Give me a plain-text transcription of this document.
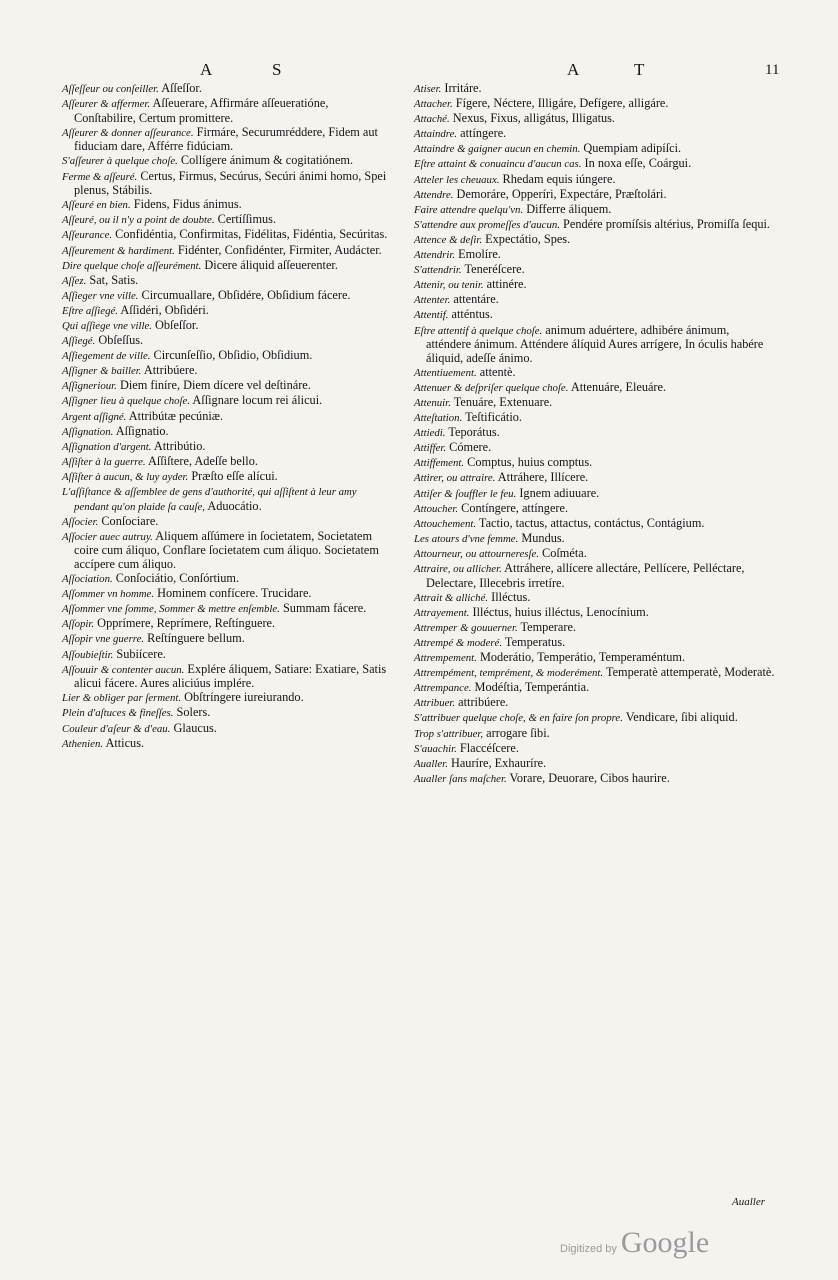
A	S	A	T	11

Aſſeſſeur ou conſeiller. Aſſeſſor.

Aſſeurer & affermer. Aſſeuerare, Affirmáre aſſeueratióne, Conſtabilire, Certum promittere.

Aſſeurer & donner aſſeurance. Firmáre, Securumréddere, Fidem aut fiduciam dare, Afférre fidúciam.

S'aſſeurer à quelque choſe. Collígere ánimum & cogitatiónem.

Ferme & aſſeuré. Certus, Firmus, Secúrus, Secúri ánimi homo, Spei plenus, Stábilis.

Aſſeuré en bien. Fidens, Fidus ánimus.

Aſſeuré, ou il n'y a point de doubte. Certíſſimus.

Aſſeurance. Confidéntia, Confirmitas, Fidélitas, Fidéntia, Secúritas.

Aſſeurement & hardiment. Fidénter, Confidénter, Firmiter, Audácter.

Dire quelque choſe aſſeurément. Dicere áliquid aſſeuerenter.

Aſſez. Sat, Satis.

Aſſieger vne ville. Circumuallare, Obſidére, Obſidium fácere.

Eſtre aſſiegé. Aſſidéri, Obſidéri.

Qui aſſiege vne ville. Obſeſſor.

Aſſiegé. Obſeſſus.

Aſſiegement de ville. Circunſeſſio, Obſidio, Obſidium.

Aſſigner & bailler. Attribúere.

Aſſigneriour. Diem finíre, Diem dícere vel deſtináre.

Aſſigner lieu à quelque choſe. Aſſignare locum rei álicui.

Argent aſſigné. Attribútæ pecúniæ.

Aſſignation. Aſſignatio.

Aſſignation d'argent. Attribútio.

Aſſiſter à la guerre. Aſſiſtere, Adeſſe bello.

Aſſiſter à aucun, & luy ayder. Præſto eſſe alícui.

L'aſſiſtance & aſſemblee de gens d'authorité, qui aſſiſtent à leur amy pendant qu'on plaide ſa cauſe, Aduocátio.

Aſſocier. Conſociare.

Aſſocier auec autruy. Aliquem aſſúmere in ſocietatem, Societatem coire cum áliquo, Conflare ſocietatem cum áliquo. Societatem accípere cum áliquo.

Aſſociation. Conſociátio, Conſórtium.

Aſſommer vn homme. Hominem confícere. Trucidare.

Aſſommer vne ſomme, Sommer & mettre enſemble. Summam fácere.

Aſſopir. Opprímere, Reprímere, Reſtínguere.

Aſſopir vne guerre. Reſtínguere bellum.

Aſſoubieſtir. Subiícere.

Aſſouuir & contenter aucun. Explére áliquem, Satiare: Exatiare, Satis alicui fácere. Aures aliciúus implére.

Lier & obliger par ſerment. Obſtríngere iureiurando.

Plein d'aſtuces & fineſſes. Solers.

Couleur d'aſeur & d'eau. Glaucus.

Athenien. Atticus.

Atiser. Irritáre.

Attacher. Fígere, Néctere, Illigáre, Defígere, alligáre.

Attaché. Nexus, Fixus, alligátus, Illigatus.

Attaindre. attíngere.

Attaindre & gaigner aucun en chemin. Quempiam adipíſci.

Eſtre attaint & conuaincu d'aucun cas. In noxa eſſe, Coárgui.

Atteler les cheuaux. Rhedam equis iúngere.

Attendre. Demoráre, Opperíri, Expectáre, Præſtolári.

Faire attendre quelqu'vn. Differre áliquem.

S'attendre aux promeſſes d'aucun. Pendére promíſsis altérius, Promiſſa ſequi.

Attence & deſir. Expectátio, Spes.

Attendrir. Emolíre.

S'attendrir. Teneréſcere.

Attenir, ou tenir. attinére.

Attenter. attentáre.

Attentif. atténtus.

Eſtre attentif à quelque choſe. animum aduértere, adhibére ánimum, atténdere ánimum. Atténdere álíquid Aures arrígere, In óculis habére áliquid, adeſſe ánimo.

Attentiuement. attentè.

Attenuer & deſpriſer quelque choſe. Attenuáre, Eleuáre.

Attenuir. Tenuáre, Extenuare.

Atteſtation. Teſtificátio.

Attiedi. Teporátus.

Attiffer. Cómere.

Attiffement. Comptus, huius comptus.

Attirer, ou attraire. Attráhere, Illícere.

Attiſer & ſouffler le feu. Ignem adiuuare.

Attoucher. Contíngere, attíngere.

Attouchement. Tactio, tactus, attactus, contáctus, Contágium.

Les atours d'vne femme. Mundus.

Attourneur, ou attourneresſe. Coſméta.

Attraire, ou allicher. Attráhere, allícere allectáre, Pellícere, Pelléctare, Delectare, Illecebris irretíre.

Attrait & alliché. Illéctus.

Attrayement. Illéctus, huius illéctus, Lenocínium.

Attremper & gouuerner. Temperare.

Attrempé & moderé. Temperatus.

Attrempement. Moderátio, Temperátio, Temperaméntum.

Attrempément, temprément, & moderément. Temperatè attemperatè, Moderatè.

Attrempance. Modéſtia, Temperántia.

Attribuer. attribúere.

S'attribuer quelque choſe, & en faire ſon propre. Vendicare, ſibi aliquid.

Trop s'attribuer, arrogare ſibi.

S'auachir. Flaccéſcere.

Aualler. Hauríre, Exhauríre.

Aualler ſans maſcher. Vorare, Deuorare, Cibos haurire.

Aualler
Digitized by Google
